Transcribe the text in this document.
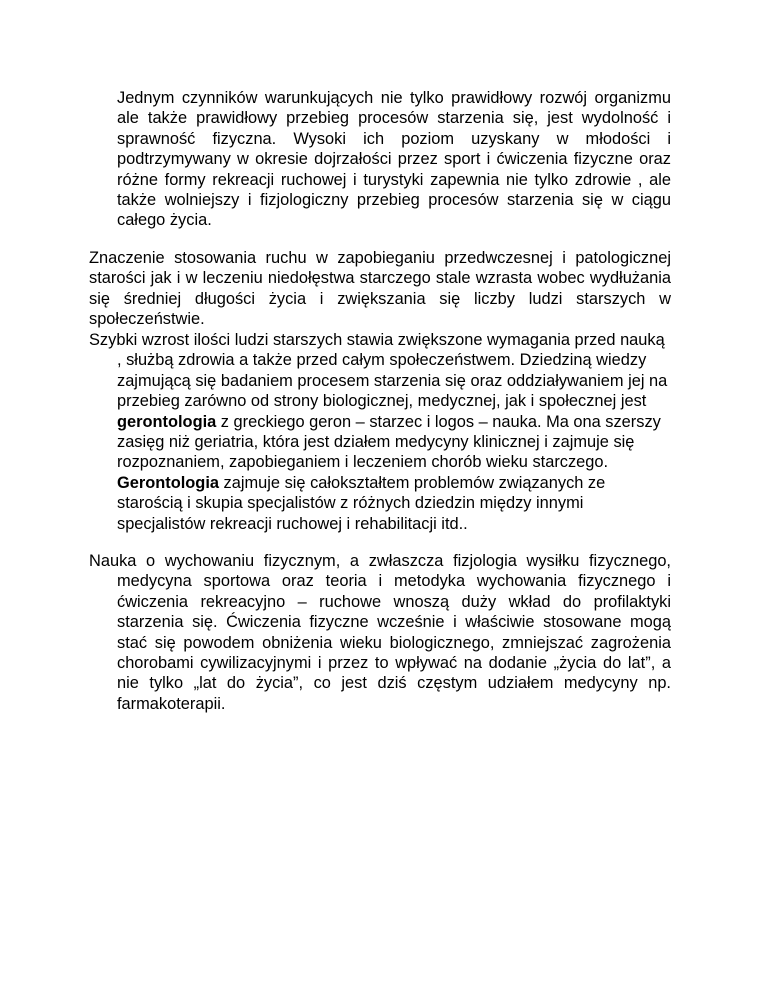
Jednym czynników warunkujących nie tylko prawidłowy rozwój organizmu ale także prawidłowy przebieg procesów starzenia się, jest wydolność i sprawność fizyczna. Wysoki ich poziom uzyskany w młodości i podtrzymywany w okresie dojrzałości przez sport i ćwiczenia fizyczne oraz różne formy rekreacji ruchowej i turystyki zapewnia nie tylko zdrowie , ale także wolniejszy i fizjologiczny przebieg procesów starzenia się w ciągu całego życia.

Znaczenie stosowania ruchu w zapobieganiu przedwczesnej i patologicznej starości jak i w leczeniu niedołęstwa starczego stale wzrasta wobec wydłużania się średniej długości życia i zwiększania się liczby ludzi starszych w społeczeństwie.

Szybki wzrost ilości ludzi starszych stawia zwiększone wymagania przed nauką , służbą zdrowia a także przed całym społeczeństwem. Dziedziną wiedzy zajmującą się badaniem procesem starzenia się oraz oddziaływaniem jej na przebieg zarówno od strony biologicznej, medycznej, jak i społecznej jest gerontologia z greckiego geron – starzec i logos – nauka. Ma ona szerszy zasięg niż geriatria, która jest działem medycyny klinicznej i zajmuje się rozpoznaniem, zapobieganiem i leczeniem chorób wieku starczego. Gerontologia zajmuje się całokształtem problemów związanych ze starością i skupia specjalistów z różnych dziedzin między innymi specjalistów rekreacji ruchowej i rehabilitacji itd..

Nauka o wychowaniu fizycznym, a zwłaszcza fizjologia wysiłku fizycznego, medycyna sportowa oraz teoria i metodyka wychowania fizycznego i ćwiczenia rekreacyjno – ruchowe wnoszą duży wkład do profilaktyki starzenia się. Ćwiczenia fizyczne wcześnie i właściwie stosowane mogą stać się powodem obniżenia wieku biologicznego, zmniejszać zagrożenia chorobami cywilizacyjnymi i przez to wpływać na dodanie „życia do lat”, a nie tylko „lat do życia”, co jest dziś częstym udziałem medycyny np. farmakoterapii.
